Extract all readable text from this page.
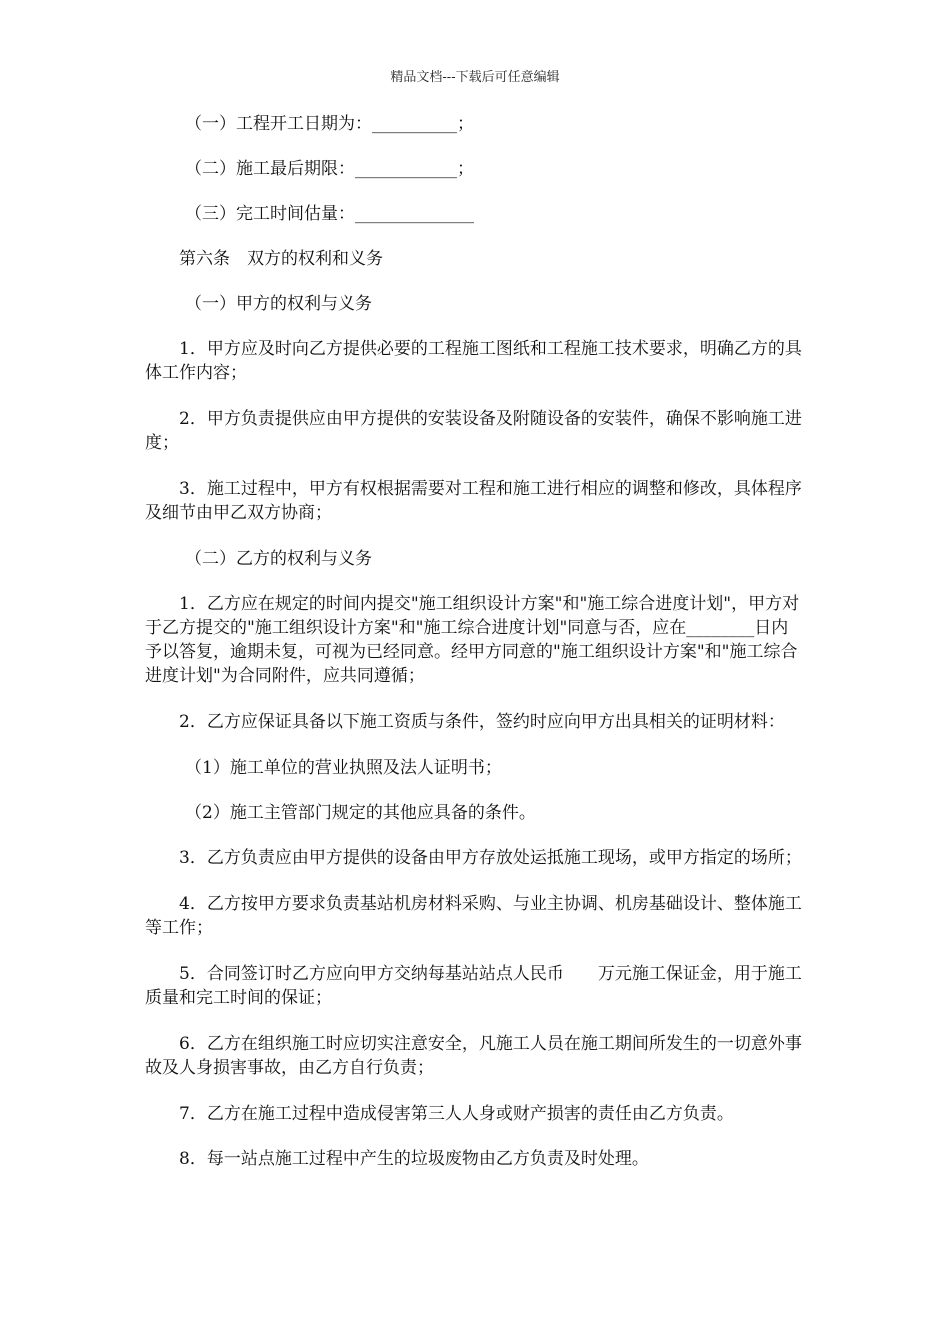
精品文档---下载后可任意编辑

（一）工程开工日期为：__________；

（二）施工最后期限：____________；

（三）完工时间估量：______________

第六条　双方的权利和义务

（一）甲方的权利与义务

1．甲方应及时向乙方提供必要的工程施工图纸和工程施工技术要求，明确乙方的具体工作内容；

2．甲方负责提供应由甲方提供的安装设备及附随设备的安装件，确保不影响施工进度；

3．施工过程中，甲方有权根据需要对工程和施工进行相应的调整和修改，具体程序及细节由甲乙双方协商；

（二）乙方的权利与义务

1．乙方应在规定的时间内提交"施工组织设计方案"和"施工综合进度计划"，甲方对于乙方提交的"施工组织设计方案"和"施工综合进度计划"同意与否，应在________日内予以答复，逾期未复，可视为已经同意。经甲方同意的"施工组织设计方案"和"施工综合进度计划"为合同附件，应共同遵循；

2．乙方应保证具备以下施工资质与条件，签约时应向甲方出具相关的证明材料：

（1）施工单位的营业执照及法人证明书；

（2）施工主管部门规定的其他应具备的条件。

3．乙方负责应由甲方提供的设备由甲方存放处运抵施工现场，或甲方指定的场所；

4．乙方按甲方要求负责基站机房材料采购、与业主协调、机房基础设计、整体施工等工作；

5．合同签订时乙方应向甲方交纳每基站站点人民币　　万元施工保证金，用于施工质量和完工时间的保证；

6．乙方在组织施工时应切实注意安全，凡施工人员在施工期间所发生的一切意外事故及人身损害事故，由乙方自行负责；

7．乙方在施工过程中造成侵害第三人人身或财产损害的责任由乙方负责。

8．每一站点施工过程中产生的垃圾废物由乙方负责及时处理。
